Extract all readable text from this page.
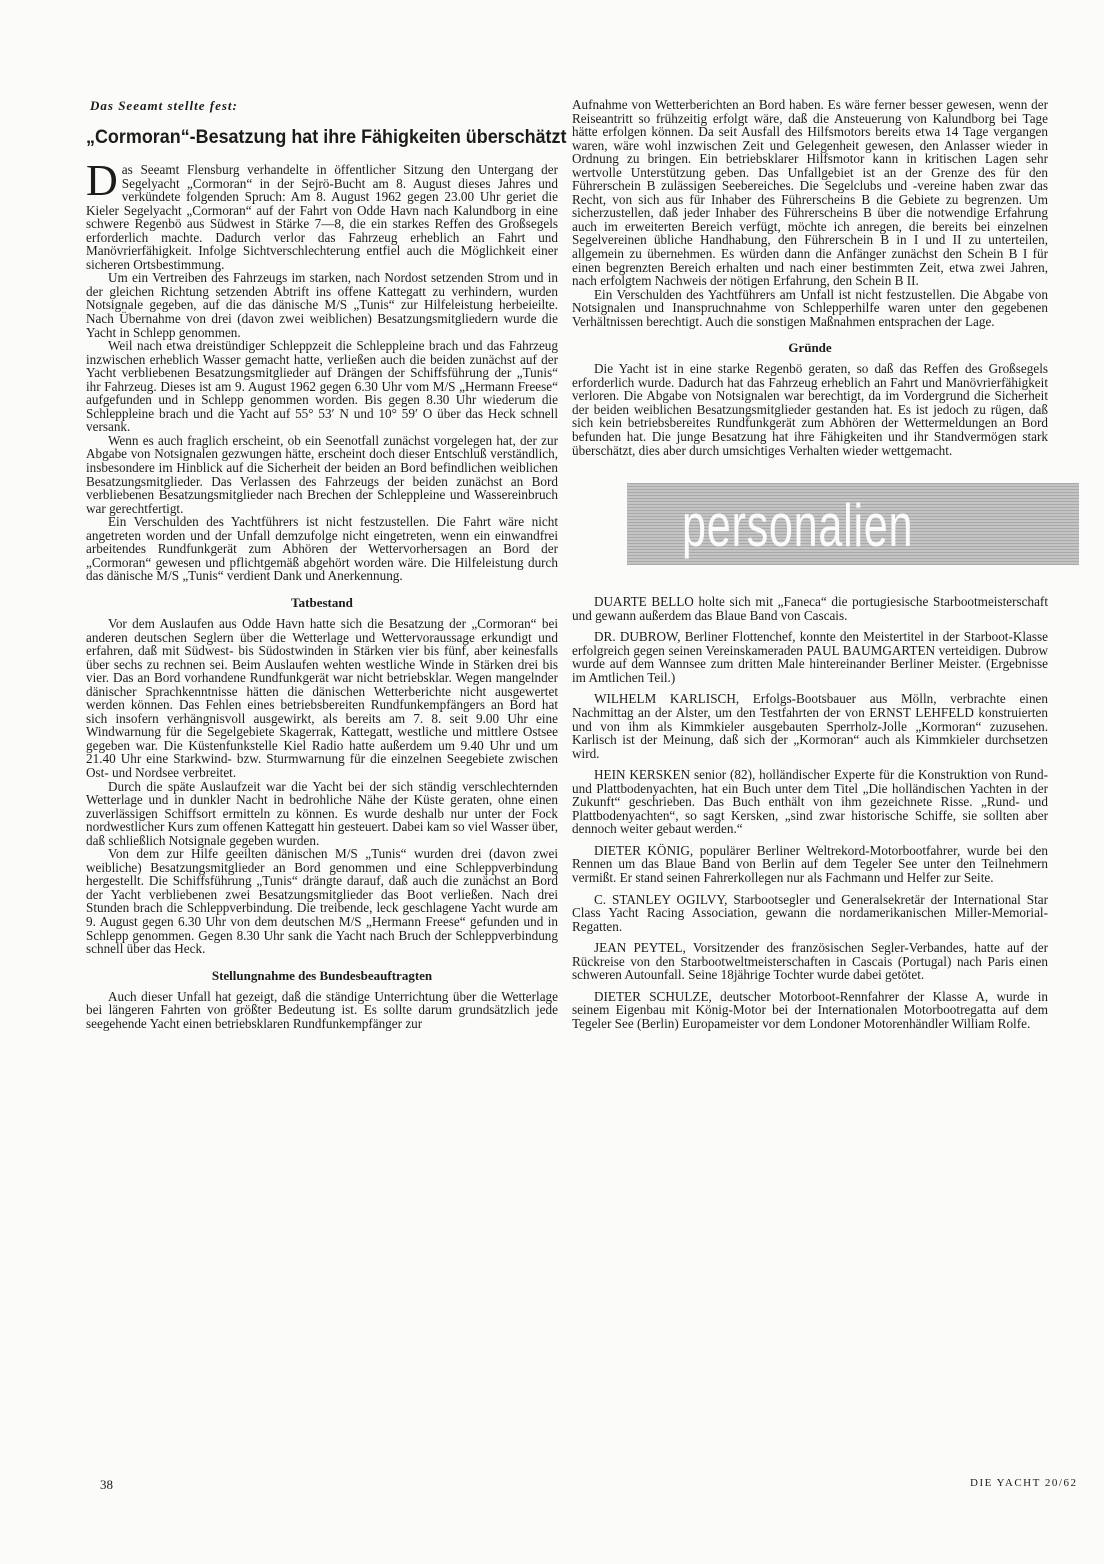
Das Seeamt stellte fest:
„Cormoran“-Besatzung hat ihre Fähigkeiten überschätzt

Das Seeamt Flensburg verhandelte in öffentlicher Sitzung den Untergang der Segelyacht „Cormoran“ in der Sejrö-Bucht am 8. August dieses Jahres und verkündete folgenden Spruch: Am 8. August 1962 gegen 23.00 Uhr geriet die Kieler Segelyacht „Cormoran“ auf der Fahrt von Odde Havn nach Kalundborg in eine schwere Regenbö aus Südwest in Stärke 7—8, die ein starkes Reffen des Großsegels erforderlich machte. Dadurch verlor das Fahrzeug erheblich an Fahrt und Manövrierfähigkeit. Infolge Sichtverschlechterung entfiel auch die Möglichkeit einer sicheren Ortsbestimmung.

Um ein Vertreiben des Fahrzeugs im starken, nach Nordost setzenden Strom und in der gleichen Richtung setzenden Abtrift ins offene Kattegatt zu verhindern, wurden Notsignale gegeben, auf die das dänische M/S „Tunis“ zur Hilfeleistung herbeieilte. Nach Übernahme von drei (davon zwei weiblichen) Besatzungsmitgliedern wurde die Yacht in Schlepp genommen.

Weil nach etwa dreistündiger Schleppzeit die Schleppleine brach und das Fahrzeug inzwischen erheblich Wasser gemacht hatte, verließen auch die beiden zunächst auf der Yacht verbliebenen Besatzungsmitglieder auf Drängen der Schiffsführung der „Tunis“ ihr Fahrzeug. Dieses ist am 9. August 1962 gegen 6.30 Uhr vom M/S „Hermann Freese“ aufgefunden und in Schlepp genommen worden. Bis gegen 8.30 Uhr wiederum die Schleppleine brach und die Yacht auf 55° 53′ N und 10° 59′ O über das Heck schnell versank.

Wenn es auch fraglich erscheint, ob ein Seenotfall zunächst vorgelegen hat, der zur Abgabe von Notsignalen gezwungen hätte, erscheint doch dieser Entschluß verständlich, insbesondere im Hinblick auf die Sicherheit der beiden an Bord befindlichen weiblichen Besatzungsmitglieder. Das Verlassen des Fahrzeugs der beiden zunächst an Bord verbliebenen Besatzungsmitglieder nach Brechen der Schleppleine und Wassereinbruch war gerechtfertigt.

Ein Verschulden des Yachtführers ist nicht festzustellen. Die Fahrt wäre nicht angetreten worden und der Unfall demzufolge nicht eingetreten, wenn ein einwandfrei arbeitendes Rundfunkgerät zum Abhören der Wettervorhersagen an Bord der „Cormoran“ gewesen und pflichtgemäß abgehört worden wäre. Die Hilfeleistung durch das dänische M/S „Tunis“ verdient Dank und Anerkennung.

Tatbestand

Vor dem Auslaufen aus Odde Havn hatte sich die Besatzung der „Cormoran“ bei anderen deutschen Seglern über die Wetterlage und Wettervoraussage erkundigt und erfahren, daß mit Südwest- bis Südostwinden in Stärken vier bis fünf, aber keinesfalls über sechs zu rechnen sei. Beim Auslaufen wehten westliche Winde in Stärken drei bis vier. Das an Bord vorhandene Rundfunkgerät war nicht betriebsklar. Wegen mangelnder dänischer Sprachkenntnisse hätten die dänischen Wetterberichte nicht ausgewertet werden können. Das Fehlen eines betriebsbereiten Rundfunkempfängers an Bord hat sich insofern verhängnisvoll ausgewirkt, als bereits am 7. 8. seit 9.00 Uhr eine Windwarnung für die Segelgebiete Skagerrak, Kattegatt, westliche und mittlere Ostsee gegeben war. Die Küstenfunkstelle Kiel Radio hatte außerdem um 9.40 Uhr und um 21.40 Uhr eine Starkwind- bzw. Sturmwarnung für die einzelnen Seegebiete zwischen Ost- und Nordsee verbreitet.

Durch die späte Auslaufzeit war die Yacht bei der sich ständig verschlechternden Wetterlage und in dunkler Nacht in bedrohliche Nähe der Küste geraten, ohne einen zuverlässigen Schiffsort ermitteln zu können. Es wurde deshalb nur unter der Fock nordwestlicher Kurs zum offenen Kattegatt hin gesteuert. Dabei kam so viel Wasser über, daß schließlich Notsignale gegeben wurden.

Von dem zur Hilfe geeilten dänischen M/S „Tunis“ wurden drei (davon zwei weibliche) Besatzungsmitglieder an Bord genommen und eine Schleppverbindung hergestellt. Die Schiffsführung „Tunis“ drängte darauf, daß auch die zunächst an Bord der Yacht verbliebenen zwei Besatzungsmitglieder das Boot verließen. Nach drei Stunden brach die Schleppverbindung. Die treibende, leck geschlagene Yacht wurde am 9. August gegen 6.30 Uhr von dem deutschen M/S „Hermann Freese“ gefunden und in Schlepp genommen. Gegen 8.30 Uhr sank die Yacht nach Bruch der Schleppverbindung schnell über das Heck.

Stellungnahme des Bundesbeauftragten

Auch dieser Unfall hat gezeigt, daß die ständige Unterrichtung über die Wetterlage bei längeren Fahrten von größter Bedeutung ist. Es sollte darum grundsätzlich jede seegehende Yacht einen betriebsklaren Rundfunkempfänger zur

Aufnahme von Wetterberichten an Bord haben. Es wäre ferner besser gewesen, wenn der Reiseantritt so frühzeitig erfolgt wäre, daß die Ansteuerung von Kalundborg bei Tage hätte erfolgen können. Da seit Ausfall des Hilfsmotors bereits etwa 14 Tage vergangen waren, wäre wohl inzwischen Zeit und Gelegenheit gewesen, den Anlasser wieder in Ordnung zu bringen. Ein betriebsklarer Hilfsmotor kann in kritischen Lagen sehr wertvolle Unterstützung geben. Das Unfallgebiet ist an der Grenze des für den Führerschein B zulässigen Seebereiches. Die Segelclubs und -vereine haben zwar das Recht, von sich aus für Inhaber des Führerscheins B die Gebiete zu begrenzen. Um sicherzustellen, daß jeder Inhaber des Führerscheins B über die notwendige Erfahrung auch im erweiterten Bereich verfügt, möchte ich anregen, die bereits bei einzelnen Segelvereinen übliche Handhabung, den Führerschein B in I und II zu unterteilen, allgemein zu übernehmen. Es würden dann die Anfänger zunächst den Schein B I für einen begrenzten Bereich erhalten und nach einer bestimmten Zeit, etwa zwei Jahren, nach erfolgtem Nachweis der nötigen Erfahrung, den Schein B II.

Ein Verschulden des Yachtführers am Unfall ist nicht festzustellen. Die Abgabe von Notsignalen und Inanspruchnahme von Schlepperhilfe waren unter den gegebenen Verhältnissen berechtigt. Auch die sonstigen Maßnahmen entsprachen der Lage.

Gründe

Die Yacht ist in eine starke Regenbö geraten, so daß das Reffen des Großsegels erforderlich wurde. Dadurch hat das Fahrzeug erheblich an Fahrt und Manövrierfähigkeit verloren. Die Abgabe von Notsignalen war berechtigt, da im Vordergrund die Sicherheit der beiden weiblichen Besatzungsmitglieder gestanden hat. Es ist jedoch zu rügen, daß sich kein betriebsbereites Rundfunkgerät zum Abhören der Wettermeldungen an Bord befunden hat. Die junge Besatzung hat ihre Fähigkeiten und ihr Standvermögen stark überschätzt, dies aber durch umsichtiges Verhalten wieder wettgemacht.

personalien

DUARTE BELLO holte sich mit „Faneca“ die portugiesische Starbootmeisterschaft und gewann außerdem das Blaue Band von Cascais.

DR. DUBROW, Berliner Flottenchef, konnte den Meistertitel in der Starboot-Klasse erfolgreich gegen seinen Vereinskameraden PAUL BAUMGARTEN verteidigen. Dubrow wurde auf dem Wannsee zum dritten Male hintereinander Berliner Meister. (Ergebnisse im Amtlichen Teil.)

WILHELM KARLISCH, Erfolgs-Bootsbauer aus Mölln, verbrachte einen Nachmittag an der Alster, um den Testfahrten der von ERNST LEHFELD konstruierten und von ihm als Kimmkieler ausgebauten Sperrholz-Jolle „Kormoran“ zuzusehen. Karlisch ist der Meinung, daß sich der „Kormoran“ auch als Kimmkieler durchsetzen wird.

HEIN KERSKEN senior (82), holländischer Experte für die Konstruktion von Rund- und Plattbodenyachten, hat ein Buch unter dem Titel „Die holländischen Yachten in der Zukunft“ geschrieben. Das Buch enthält von ihm gezeichnete Risse. „Rund- und Plattbodenyachten“, so sagt Kersken, „sind zwar historische Schiffe, sie sollten aber dennoch weiter gebaut werden.“

DIETER KÖNIG, populärer Berliner Weltrekord-Motorbootfahrer, wurde bei den Rennen um das Blaue Band von Berlin auf dem Tegeler See unter den Teilnehmern vermißt. Er stand seinen Fahrerkollegen nur als Fachmann und Helfer zur Seite.

C. STANLEY OGILVY, Starbootsegler und Generalsekretär der International Star Class Yacht Racing Association, gewann die nordamerikanischen Miller-Memorial-Regatten.

JEAN PEYTEL, Vorsitzender des französischen Segler-Verbandes, hatte auf der Rückreise von den Starbootweltmeisterschaften in Cascais (Portugal) nach Paris einen schweren Autounfall. Seine 18jährige Tochter wurde dabei getötet.

DIETER SCHULZE, deutscher Motorboot-Rennfahrer der Klasse A, wurde in seinem Eigenbau mit König-Motor bei der Internationalen Motorbootregatta auf dem Tegeler See (Berlin) Europameister vor dem Londoner Motorenhändler William Rolfe.

38	DIE YACHT 20/62
